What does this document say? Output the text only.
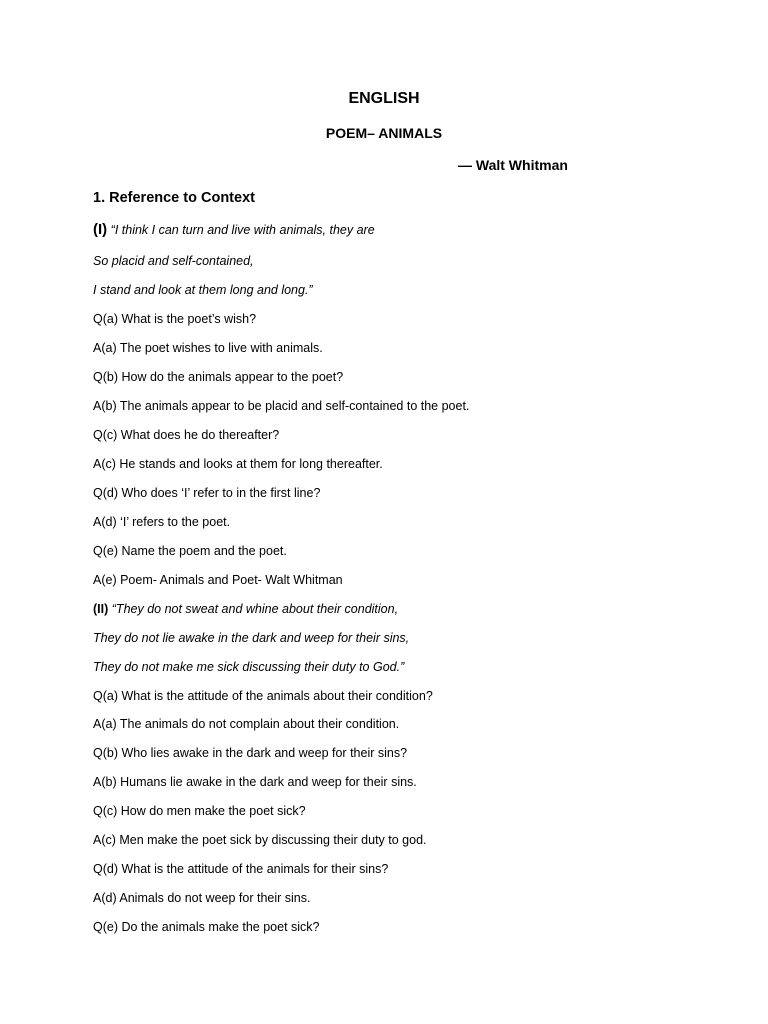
ENGLISH
POEM– ANIMALS
— Walt Whitman
1. Reference to Context
(I) “I think I can turn and live with animals, they are
So placid and self-contained,
I stand and look at them long and long.”
Q(a) What is the poet’s wish?
A(a) The poet wishes to live with animals.
Q(b) How do the animals appear to the poet?
A(b) The animals appear to be placid and self-contained to the poet.
Q(c) What does he do thereafter?
A(c) He stands and looks at them for long thereafter.
Q(d) Who does ‘I’ refer to in the first line?
A(d) ‘I’ refers to the poet.
Q(e) Name the poem and the poet.
A(e) Poem- Animals and Poet- Walt Whitman
(II) “They do not sweat and whine about their condition,
They do not lie awake in the dark and weep for their sins,
They do not make me sick discussing their duty to God.”
Q(a) What is the attitude of the animals about their condition?
A(a) The animals do not complain about their condition.
Q(b) Who lies awake in the dark and weep for their sins?
A(b) Humans lie awake in the dark and weep for their sins.
Q(c) How do men make the poet sick?
A(c) Men make the poet sick by discussing their duty to god.
Q(d) What is the attitude of the animals for their sins?
A(d) Animals do not weep for their sins.
Q(e) Do the animals make the poet sick?
